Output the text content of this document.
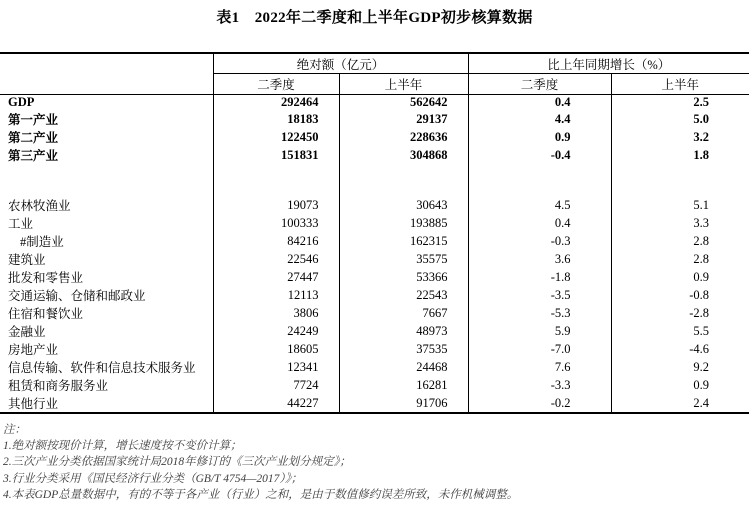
表1　2022年二季度和上半年GDP初步核算数据
	绝对额（亿元）		比上年同期增长（%）	
	二季度	上半年	二季度	上半年
GDP	292464	562642	0.4	2.5
第一产业	18183	29137	4.4	5.0
第二产业	122450	228636	0.9	3.2
第三产业	151831	304868	-0.4	1.8

农林牧渔业	19073	30643	4.5	5.1
工业	100333	193885	0.4	3.3
#制造业	84216	162315	-0.3	2.8
建筑业	22546	35575	3.6	2.8
批发和零售业	27447	53366	-1.8	0.9
交通运输、仓储和邮政业	12113	22543	-3.5	-0.8
住宿和餐饮业	3806	7667	-5.3	-2.8
金融业	24249	48973	5.9	5.5
房地产业	18605	37535	-7.0	-4.6
信息传输、软件和信息技术服务业	12341	24468	7.6	9.2
租赁和商务服务业	7724	16281	-3.3	0.9
其他行业	44227	91706	-0.2	2.4
注：
1.绝对额按现价计算，增长速度按不变价计算；
2.三次产业分类依据国家统计局2018年修订的《三次产业划分规定》；
3.行业分类采用《国民经济行业分类（GB/T 4754—2017）》；
4.本表GDP总量数据中，有的不等于各产业（行业）之和，是由于数值修约误差所致，未作机械调整。
